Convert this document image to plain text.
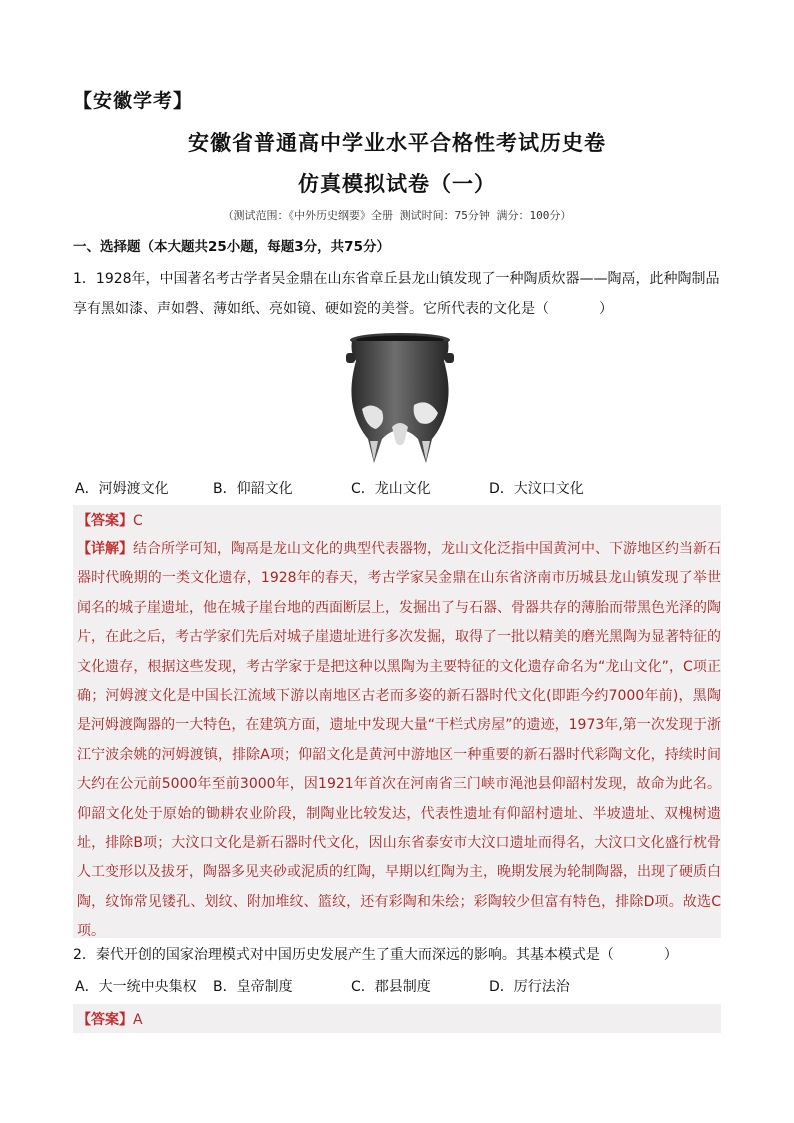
【安徽学考】
安徽省普通高中学业水平合格性考试历史卷
仿真模拟试卷（一）
（测试范围：《中外历史纲要》全册 测试时间：75分钟 满分：100分）
一、选择题（本大题共25小题，每题3分，共75分）
1．1928年，中国著名考古学者吴金鼎在山东省章丘县龙山镇发现了一种陶质炊器——陶鬲，此种陶制品享有黑如漆、声如磬、薄如纸、亮如镜、硬如瓷的美誉。它所代表的文化是（	）
A．河姆渡文化	B．仰韶文化	C．龙山文化	D．大汶口文化
【答案】C
【详解】结合所学可知，陶鬲是龙山文化的典型代表器物，龙山文化泛指中国黄河中、下游地区约当新石器时代晚期的一类文化遗存，1928年的春天，考古学家吴金鼎在山东省济南市历城县龙山镇发现了举世闻名的城子崖遗址，他在城子崖台地的西面断层上，发掘出了与石器、骨器共存的薄胎而带黑色光泽的陶片，在此之后，考古学家们先后对城子崖遗址进行多次发掘，取得了一批以精美的磨光黑陶为显著特征的文化遗存，根据这些发现，考古学家于是把这种以黑陶为主要特征的文化遗存命名为“龙山文化”，C项正确；河姆渡文化是中国长江流域下游以南地区古老而多姿的新石器时代文化(即距今约7000年前)，黑陶是河姆渡陶器的一大特色，在建筑方面，遗址中发现大量“干栏式房屋”的遗迹，1973年,第一次发现于浙江宁波余姚的河姆渡镇，排除A项；仰韶文化是黄河中游地区一种重要的新石器时代彩陶文化，持续时间大约在公元前5000年至前3000年，因1921年首次在河南省三门峡市渑池县仰韶村发现，故命为此名。仰韶文化处于原始的锄耕农业阶段，制陶业比较发达，代表性遗址有仰韶村遗址、半坡遗址、双槐树遗址，排除B项；大汶口文化是新石器时代文化，因山东省泰安市大汶口遗址而得名，大汶口文化盛行枕骨人工变形以及拔牙，陶器多见夹砂或泥质的红陶，早期以红陶为主，晚期发展为轮制陶器，出现了硬质白陶，纹饰常见镂孔、划纹、附加堆纹、篮纹，还有彩陶和朱绘；彩陶较少但富有特色，排除D项。故选C项。
2．秦代开创的国家治理模式对中国历史发展产生了重大而深远的影响。其基本模式是（	）
A．大一统中央集权 B．皇帝制度	C．郡县制度	D．厉行法治
【答案】A
